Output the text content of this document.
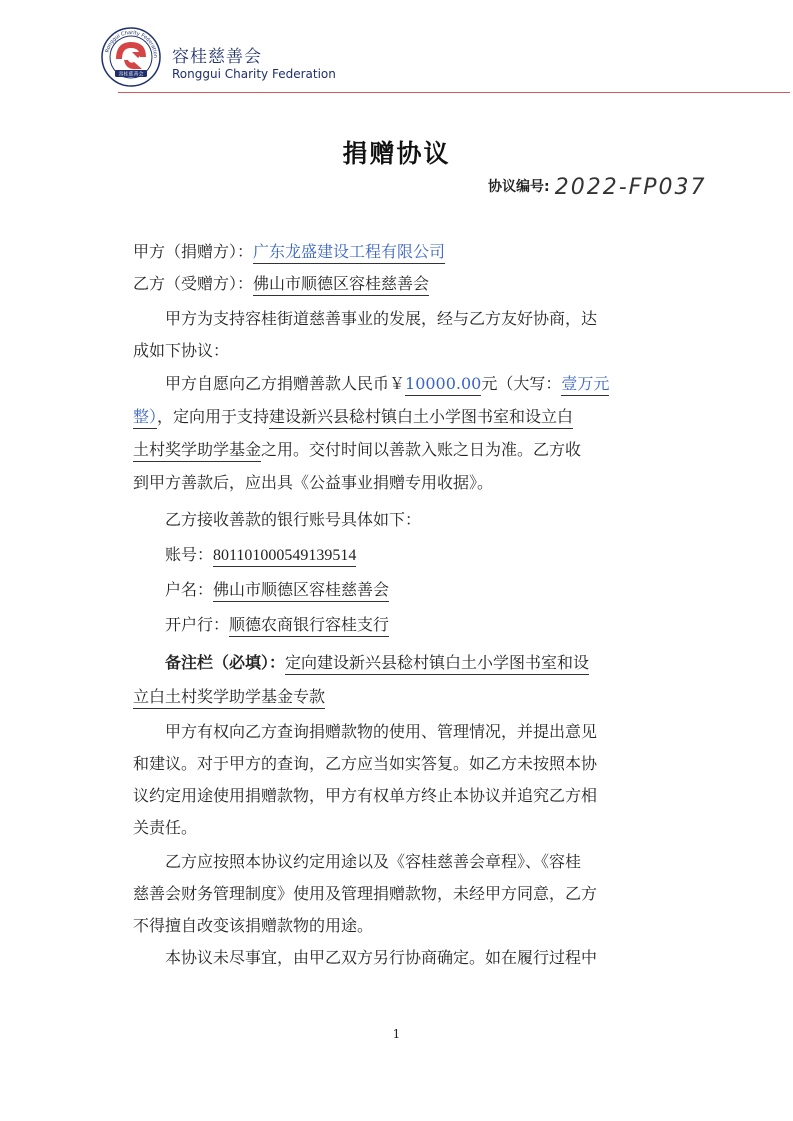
Ronggui Charity Federation
容桂慈善会
容桂慈善会
Ronggui Charity Federation
捐赠协议
协议编号: 2022-FP037
甲方（捐赠方）：广东龙盛建设工程有限公司
乙方（受赠方）：佛山市顺德区容桂慈善会
甲方为支持容桂街道慈善事业的发展，经与乙方友好协商，达
成如下协议：
甲方自愿向乙方捐赠善款人民币￥10000.00元（大写：壹万元
整），定向用于支持建设新兴县稔村镇白土小学图书室和设立白
土村奖学助学基金之用。交付时间以善款入账之日为准。乙方收
到甲方善款后，应出具《公益事业捐赠专用收据》。
乙方接收善款的银行账号具体如下：
账号：801101000549139514
户名：佛山市顺德区容桂慈善会
开户行：顺德农商银行容桂支行
备注栏（必填）：定向建设新兴县稔村镇白土小学图书室和设
立白土村奖学助学基金专款
甲方有权向乙方查询捐赠款物的使用、管理情况，并提出意见
和建议。对于甲方的查询，乙方应当如实答复。如乙方未按照本协
议约定用途使用捐赠款物，甲方有权单方终止本协议并追究乙方相
关责任。
乙方应按照本协议约定用途以及《容桂慈善会章程》、《容桂
慈善会财务管理制度》使用及管理捐赠款物，未经甲方同意，乙方
不得擅自改变该捐赠款物的用途。
本协议未尽事宜，由甲乙双方另行协商确定。如在履行过程中
1
